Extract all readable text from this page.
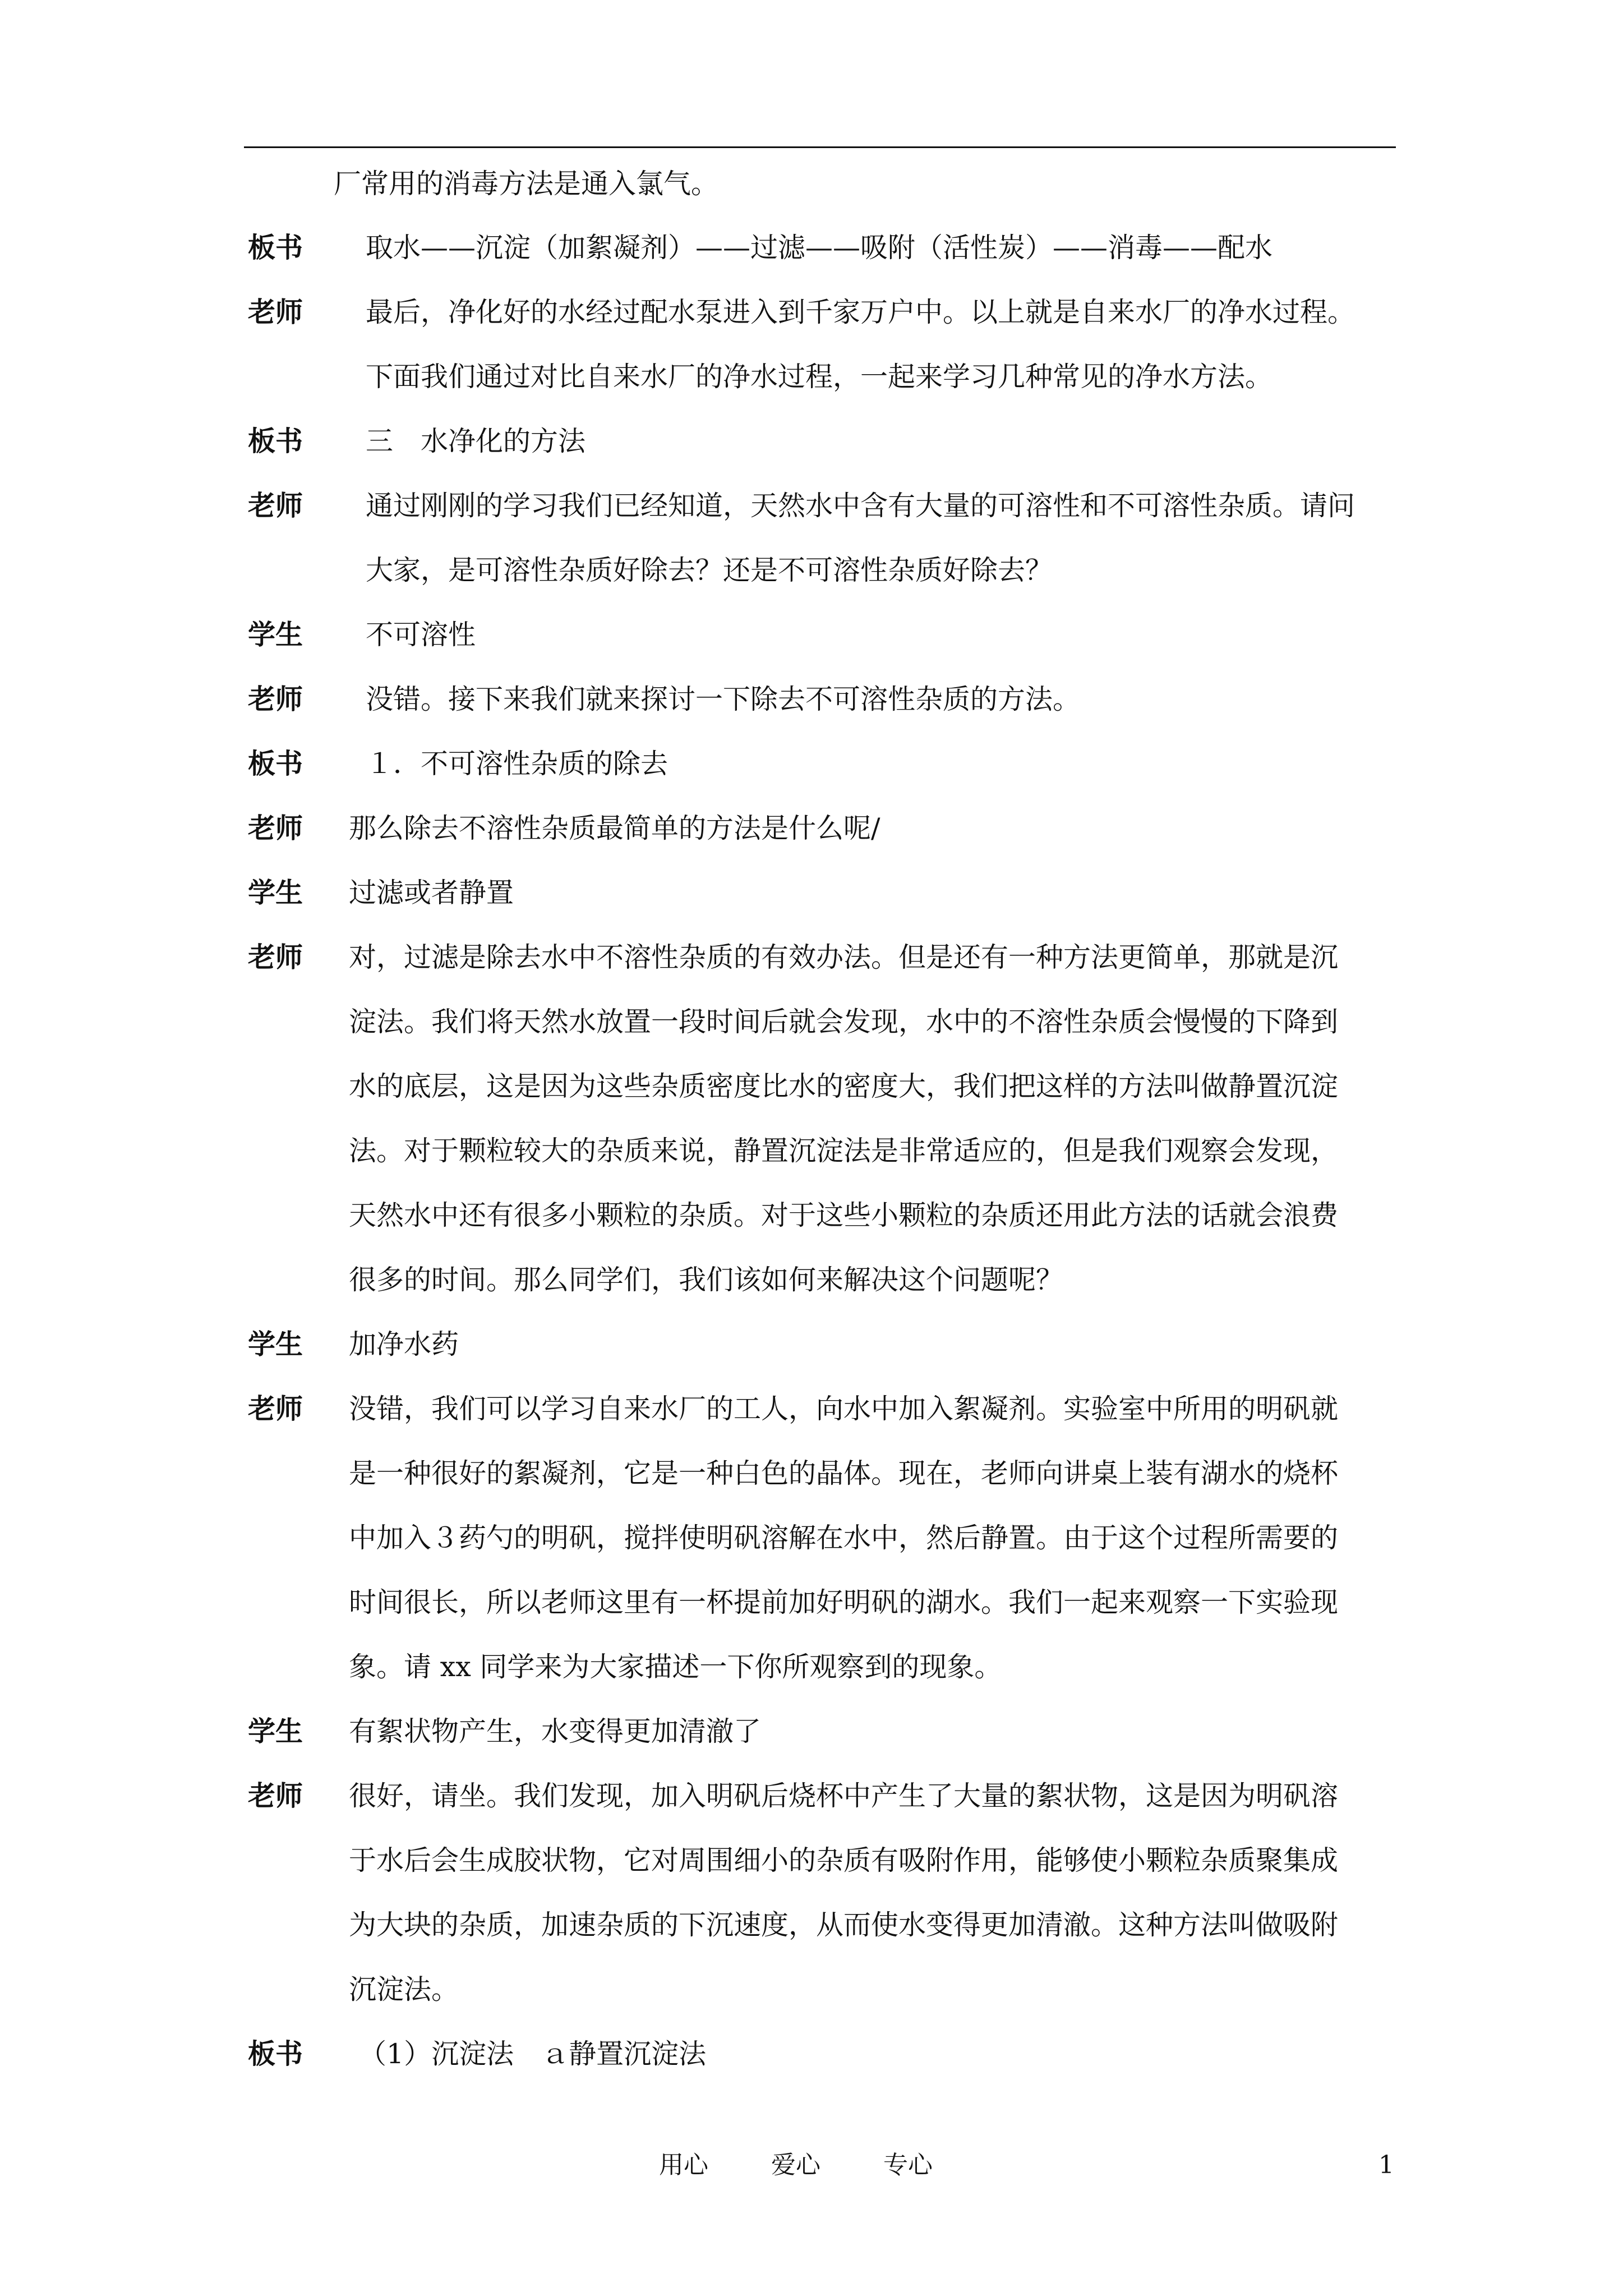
厂常用的消毒方法是通入氯气。
板书 取水——沉淀（加絮凝剂）——过滤——吸附（活性炭）——消毒——配水
老师 最后，净化好的水经过配水泵进入到千家万户中。以上就是自来水厂的净水过程。
下面我们通过对比自来水厂的净水过程，一起来学习几种常见的净水方法。
板书 三　水净化的方法
老师 通过刚刚的学习我们已经知道，天然水中含有大量的可溶性和不可溶性杂质。请问
大家，是可溶性杂质好除去？还是不可溶性杂质好除去？
学生 不可溶性
老师 没错。接下来我们就来探讨一下除去不可溶性杂质的方法。
板书 １．不可溶性杂质的除去
老师 那么除去不溶性杂质最简单的方法是什么呢/
学生 过滤或者静置
老师 对，过滤是除去水中不溶性杂质的有效办法。但是还有一种方法更简单，那就是沉
淀法。我们将天然水放置一段时间后就会发现，水中的不溶性杂质会慢慢的下降到
水的底层，这是因为这些杂质密度比水的密度大，我们把这样的方法叫做静置沉淀
法。对于颗粒较大的杂质来说，静置沉淀法是非常适应的，但是我们观察会发现，
天然水中还有很多小颗粒的杂质。对于这些小颗粒的杂质还用此方法的话就会浪费
很多的时间。那么同学们，我们该如何来解决这个问题呢？
学生 加净水药
老师 没错，我们可以学习自来水厂的工人，向水中加入絮凝剂。实验室中所用的明矾就
是一种很好的絮凝剂，它是一种白色的晶体。现在，老师向讲桌上装有湖水的烧杯
中加入３药勺的明矾，搅拌使明矾溶解在水中，然后静置。由于这个过程所需要的
时间很长，所以老师这里有一杯提前加好明矾的湖水。我们一起来观察一下实验现
象。请 xx 同学来为大家描述一下你所观察到的现象。
学生 有絮状物产生，水变得更加清澈了
老师 很好，请坐。我们发现，加入明矾后烧杯中产生了大量的絮状物，这是因为明矾溶
于水后会生成胶状物，它对周围细小的杂质有吸附作用，能够使小颗粒杂质聚集成
为大块的杂质，加速杂质的下沉速度，从而使水变得更加清澈。这种方法叫做吸附
沉淀法。
板书 （1）沉淀法　ａ静置沉淀法
用心	爱心	专心	1
